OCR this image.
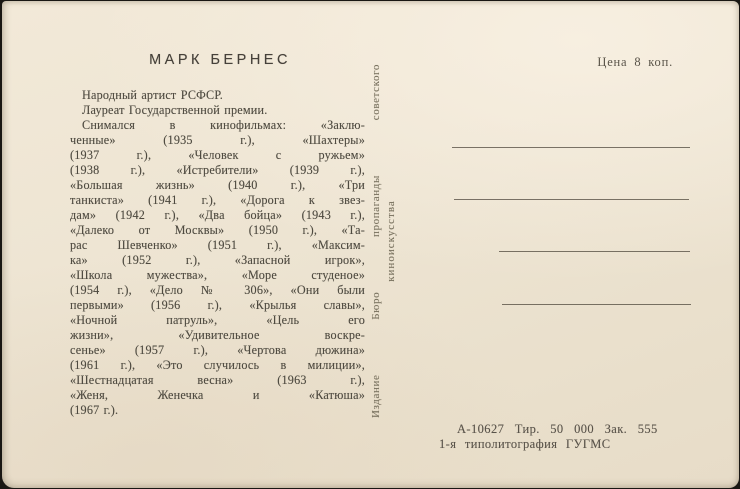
МАРК БЕРНЕС	Цена 8 коп.
Народный артист РСФСР.
Лауреат Государственной премии.
Снимался в кинофильмах: «Заклю-
ченные» (1935 г.), «Шахтеры»
(1937 г.), «Человек с ружьем»
(1938 г.), «Истребители» (1939 г.),
«Большая жизнь» (1940 г.), «Три
танкиста» (1941 г.), «Дорога к звез-
дам» (1942 г.), «Два бойца» (1943 г.),
«Далеко от Москвы» (1950 г.), «Та-
рас Шевченко» (1951 г.), «Максим-
ка» (1952 г.), «Запасной игрок»,
«Школа мужества», «Море студеное»
(1954 г.), «Дело № 306», «Они были
первыми» (1956 г.), «Крылья славы»,
«Ночной патруль», «Цель его
жизни», «Удивительное воскре-
сенье» (1957 г.), «Чертова дюжина»
(1961 г.), «Это случилось в милиции»,
«Шестнадцатая весна» (1963 г.),
«Женя, Женечка и «Катюша»
(1967 г.).	Издание Бюро пропаганды советского киноискусства
А-10627 Тир. 50 000 Зак. 555
1-я типолитография ГУГМС
